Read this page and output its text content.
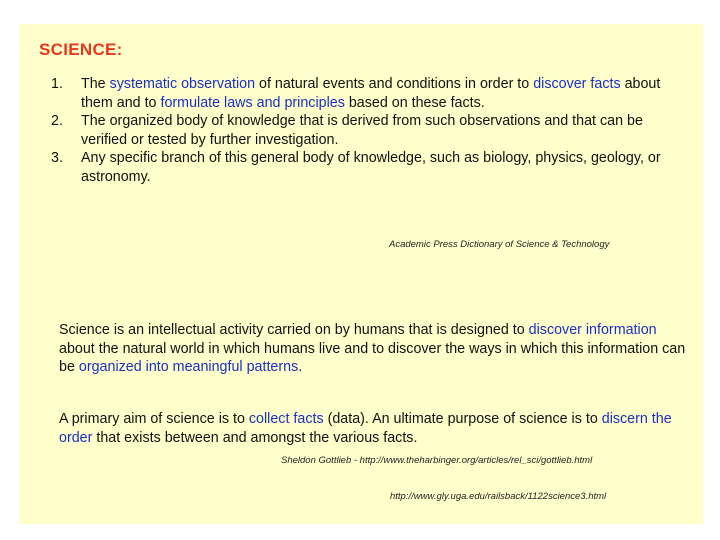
SCIENCE:
1. The systematic observation of natural events and conditions in order to discover facts about them and to formulate laws and principles based on these facts.
2. The organized body of knowledge that is derived from such observations and that can be verified or tested by further investigation.
3. Any specific branch of this general body of knowledge, such as biology, physics, geology, or astronomy.
Academic Press Dictionary of Science & Technology
Science is an intellectual activity carried on by humans that is designed to discover information about the natural world in which humans live and to discover the ways in which this information can be organized into meaningful patterns.
A primary aim of science is to collect facts (data). An ultimate purpose of science is to discern the order that exists between and amongst the various facts.
Sheldon Gottlieb - http://www.theharbinger.org/articles/rel_sci/gottlieb.html
http://www.gly.uga.edu/railsback/1122science3.html
